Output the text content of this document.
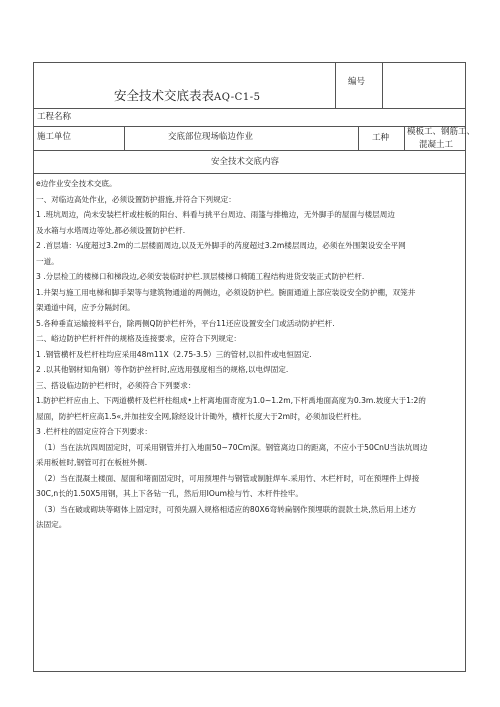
安全技术交底表表AQ-C1-5
编号
工程名称
施工单位	交底部位现场临边作业	工种
模板工、钢筋工、
混凝土工
安全技术交底内容

e边作业安全技术交底。

一、对临边高处作业，必须设置防护措施,并符合下列规定：

1 .班坑周边，尚未安装栏杆或柱板的阳台、料看与挑平台周边、雨篷与排檐边，无外脚手的屋面与楼层周边

及水箱与水塔周边等处,都必须设置防护栏杆.

2 .首层墙：¼度超过3.2m的二层楼面周边,以及无外脚手的芮度超过3.2m楼层周边，必须在外围架设安全平网

一道。

3 .分层检工的楼梯口和梯段边,必须安装临时护栏.顶层楼梯口椅随工程结构进货安装正式防护栏杆.

1.井架与施工用电梯和脚手架等与建筑物通道的两侧边，必须设防护栏。腕面通道上部应装设安全防护棚，双笼井

架通道中间，应予分隔封闭。

5.各种垂直运输接料平台，除两侧Q防护栏杆外，平台11还应设置安全门或活动防护栏杆.

二、峪边防护栏杆杆件的规格及连接要求，应符合下列规定：

1 .钢管横杆及栏杆柱均应采用48m11X（2.75-3.5）三的管材,以扣件或电恒固定.

2 .以其他钢材知角钢）等作防护丝杆时,应选用强度相当的规格,以电焊固定.

三、搭设临边防护栏杆时，必须符合下列要求：

1.防护栏杆应由上、下两道横杆及栏杆柱组成•上杆离地面奇度为1.0~1.2m,下杆禹地面高度为0.3m.坡度大于1:2的

屋面，防护栏杆应高1.5«,并加挂安全网,除经设计计锄外，横杆长度大于2m时，必须加设栏杆柱。

3 .栏杆柱的固定应符合下列要求：

（1）当在法坑四周固定时，可采用钢管并打入地面50~70Cm深。钢管离边口的距离，不应小于50CnU当法坑周边

采用板桩时,钢管可打在板桩外侧.

（2）当在混凝土楼面、屋面和堵面固定时，可用预埋件与钢管或制脏焊车.采用竹、木栏杆时，可在预埋件上焊接

30C,n长的1.50X5用钢，其上下各钻一孔，然后用IOum检与竹、木杆件拴牢。

（3）当在破或砌块等砌体上固定时，可预先副入规格相适应的80X6弯转扁钢作预埋联的混款土块,然后用上述方

法固定。
